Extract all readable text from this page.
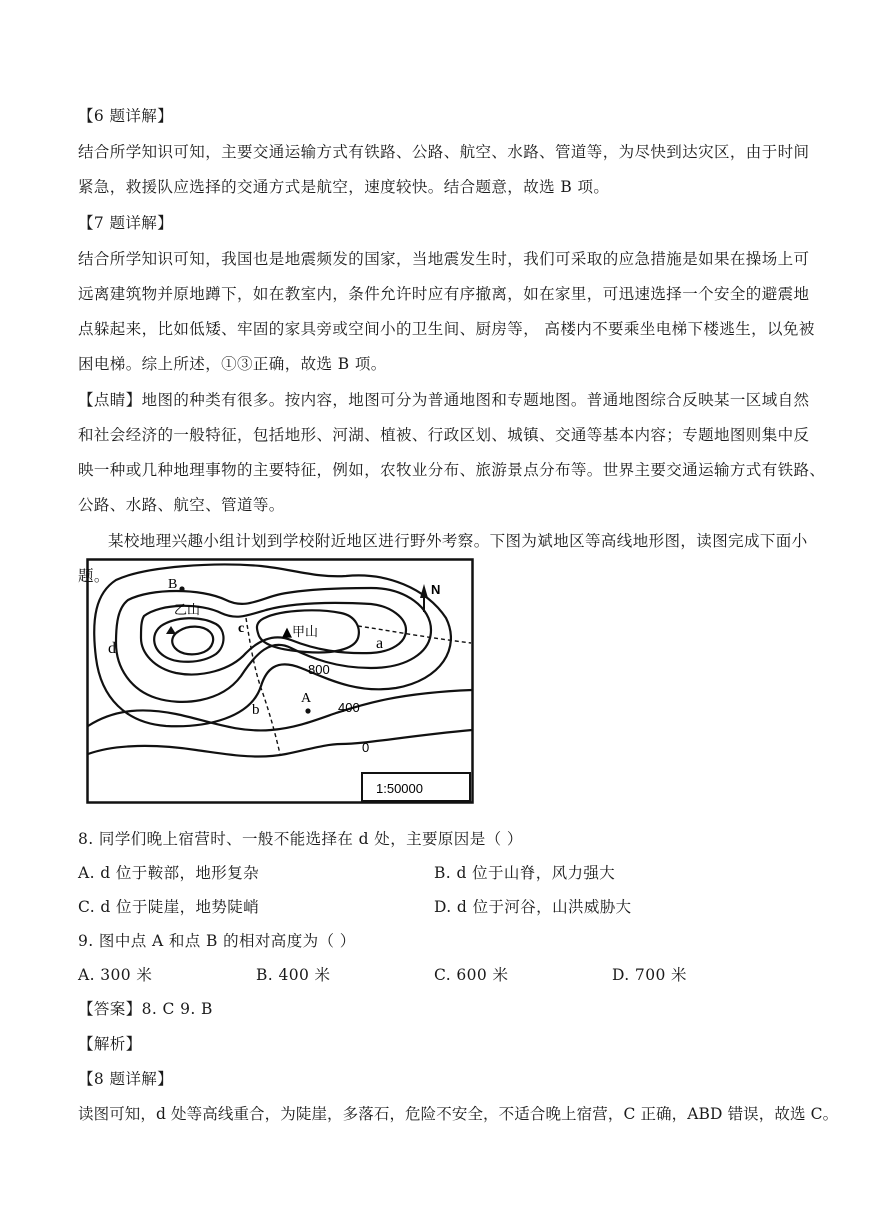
【6 题详解】
结合所学知识可知，主要交通运输方式有铁路、公路、航空、水路、管道等，为尽快到达灾区，由于时间
紧急，救援队应选择的交通方式是航空，速度较快。结合题意，故选 B 项。
【7 题详解】
结合所学知识可知，我国也是地震频发的国家，当地震发生时，我们可采取的应急措施是如果在操场上可
远离建筑物并原地蹲下，如在教室内，条件允许时应有序撤离，如在家里，可迅速选择一个安全的避震地
点躲起来，比如低矮、牢固的家具旁或空间小的卫生间、厨房等， 高楼内不要乘坐电梯下楼逃生，以免被
困电梯。综上所述，①③正确，故选 B 项。
【点睛】地图的种类有很多。按内容，地图可分为普通地图和专题地图。普通地图综合反映某一区域自然
和社会经济的一般特征，包括地形、河湖、植被、行政区划、城镇、交通等基本内容；专题地图则集中反
映一种或几种地理事物的主要特征，例如，农牧业分布、旅游景点分布等。世界主要交通运输方式有铁路、
公路、水路、航空、管道等。
某校地理兴趣小组计划到学校附近地区进行野外考察。下图为斌地区等高线地形图，读图完成下面小
题。
N
B
乙山
d
c	▲甲山
a
800
A
400
b
0
1:50000
8. 同学们晚上宿营时、一般不能选择在 d 处，主要原因是（ ）
A. d 位于鞍部，地形复杂	B. d 位于山脊，风力强大
C. d 位于陡崖，地势陡峭	D. d 位于河谷，山洪威胁大
9. 图中点 A 和点 B 的相对高度为（ ）
A. 300 米	B. 400 米	C. 600 米	D. 700 米
【答案】8. C 9. B
【解析】
【8 题详解】
读图可知，d 处等高线重合，为陡崖，多落石，危险不安全，不适合晚上宿营，C 正确，ABD 错误，故选 C。
